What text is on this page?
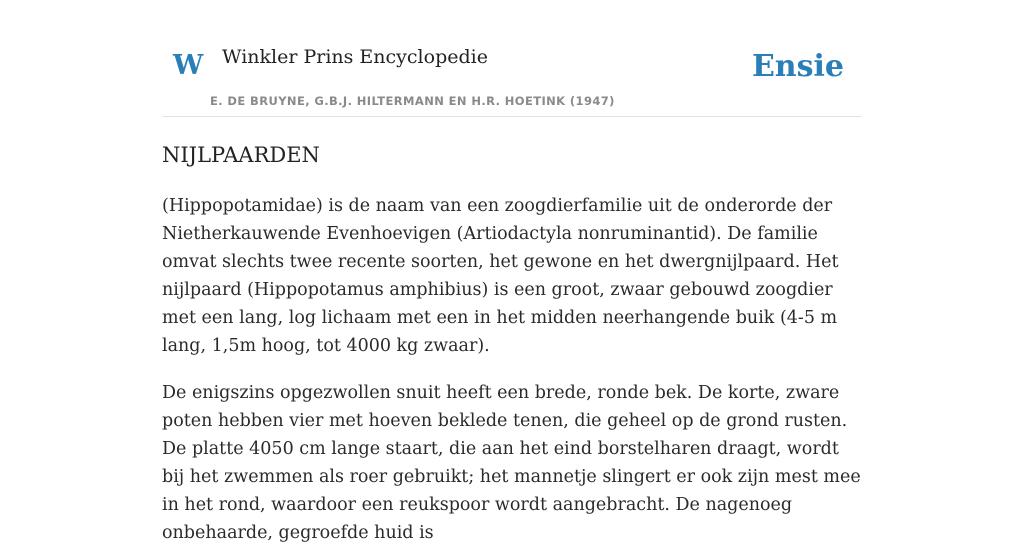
W Winkler Prins Encyclopedie
E. DE BRUYNE, G.B.J. HILTERMANN EN H.R. HOETINK (1947)
Ensie
NIJLPAARDEN

(Hippopotamidae) is de naam van een zoogdierfamilie uit de onderorde der Nietherkauwende Evenhoevigen (Artiodactyla nonruminantid). De familie omvat slechts twee recente soorten, het gewone en het dwergnijlpaard. Het nijlpaard (Hippopotamus amphibius) is een groot, zwaar gebouwd zoogdier met een lang, log lichaam met een in het midden neerhangende buik (4-5 m lang, 1,5m hoog, tot 4000 kg zwaar).

De enigszins opgezwollen snuit heeft een brede, ronde bek. De korte, zware poten hebben vier met hoeven beklede tenen, die geheel op de grond rusten. De platte 4050 cm lange staart, die aan het eind borstelharen draagt, wordt bij het zwemmen als roer gebruikt; het mannetje slingert er ook zijn mest mee in het rond, waardoor een reukspoor wordt aangebracht. De nagenoeg onbehaarde, gegroefde huid is
